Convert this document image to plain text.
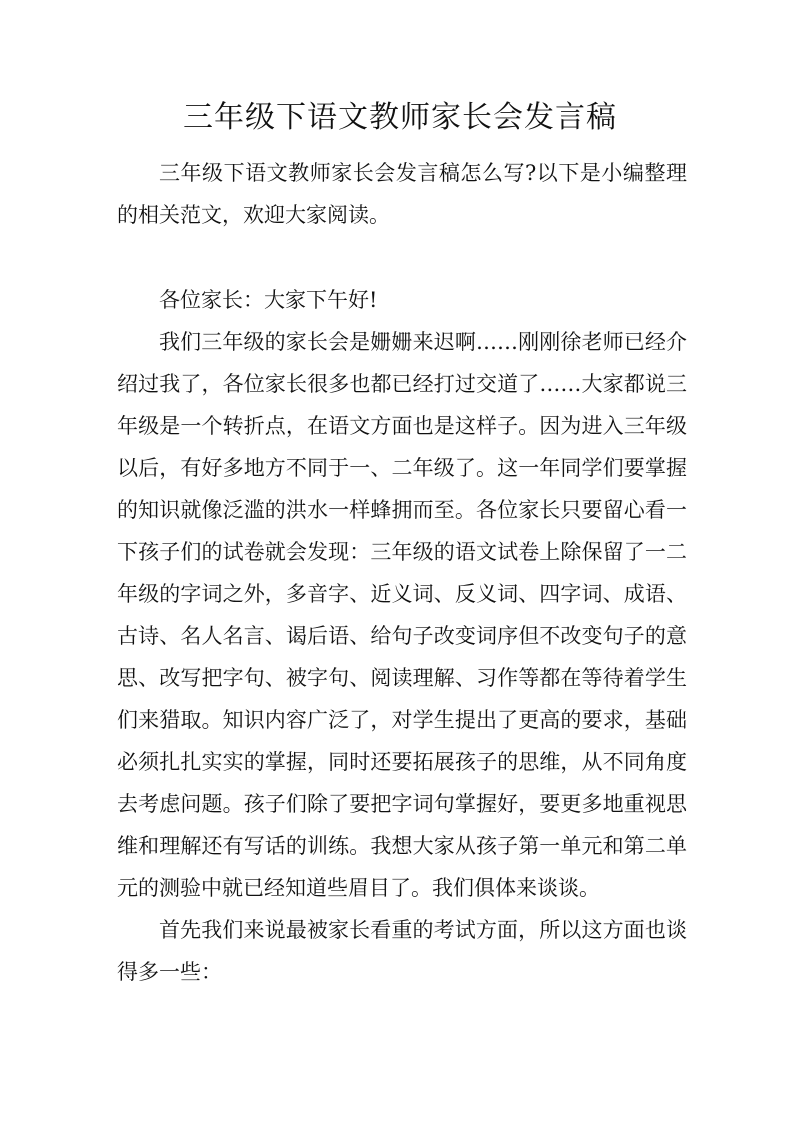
三年级下语文教师家长会发言稿

三年级下语文教师家长会发言稿怎么写?以下是小编整理的相关范文，欢迎大家阅读。

各位家长：大家下午好!

我们三年级的家长会是姗姗来迟啊……刚刚徐老师已经介绍过我了，各位家长很多也都已经打过交道了……大家都说三年级是一个转折点，在语文方面也是这样子。因为进入三年级以后，有好多地方不同于一、二年级了。这一年同学们要掌握的知识就像泛滥的洪水一样蜂拥而至。各位家长只要留心看一下孩子们的试卷就会发现：三年级的语文试卷上除保留了一二年级的字词之外，多音字、近义词、反义词、四字词、成语、古诗、名人名言、谒后语、给句子改变词序但不改变句子的意思、改写把字句、被字句、阅读理解、习作等都在等待着学生们来猎取。知识内容广泛了，对学生提出了更高的要求，基础必须扎扎实实的掌握，同时还要拓展孩子的思维，从不同角度去考虑问题。孩子们除了要把字词句掌握好，要更多地重视思维和理解还有写话的训练。我想大家从孩子第一单元和第二单元的测验中就已经知道些眉目了。我们俱体来谈谈。

首先我们来说最被家长看重的考试方面，所以这方面也谈得多一些：
